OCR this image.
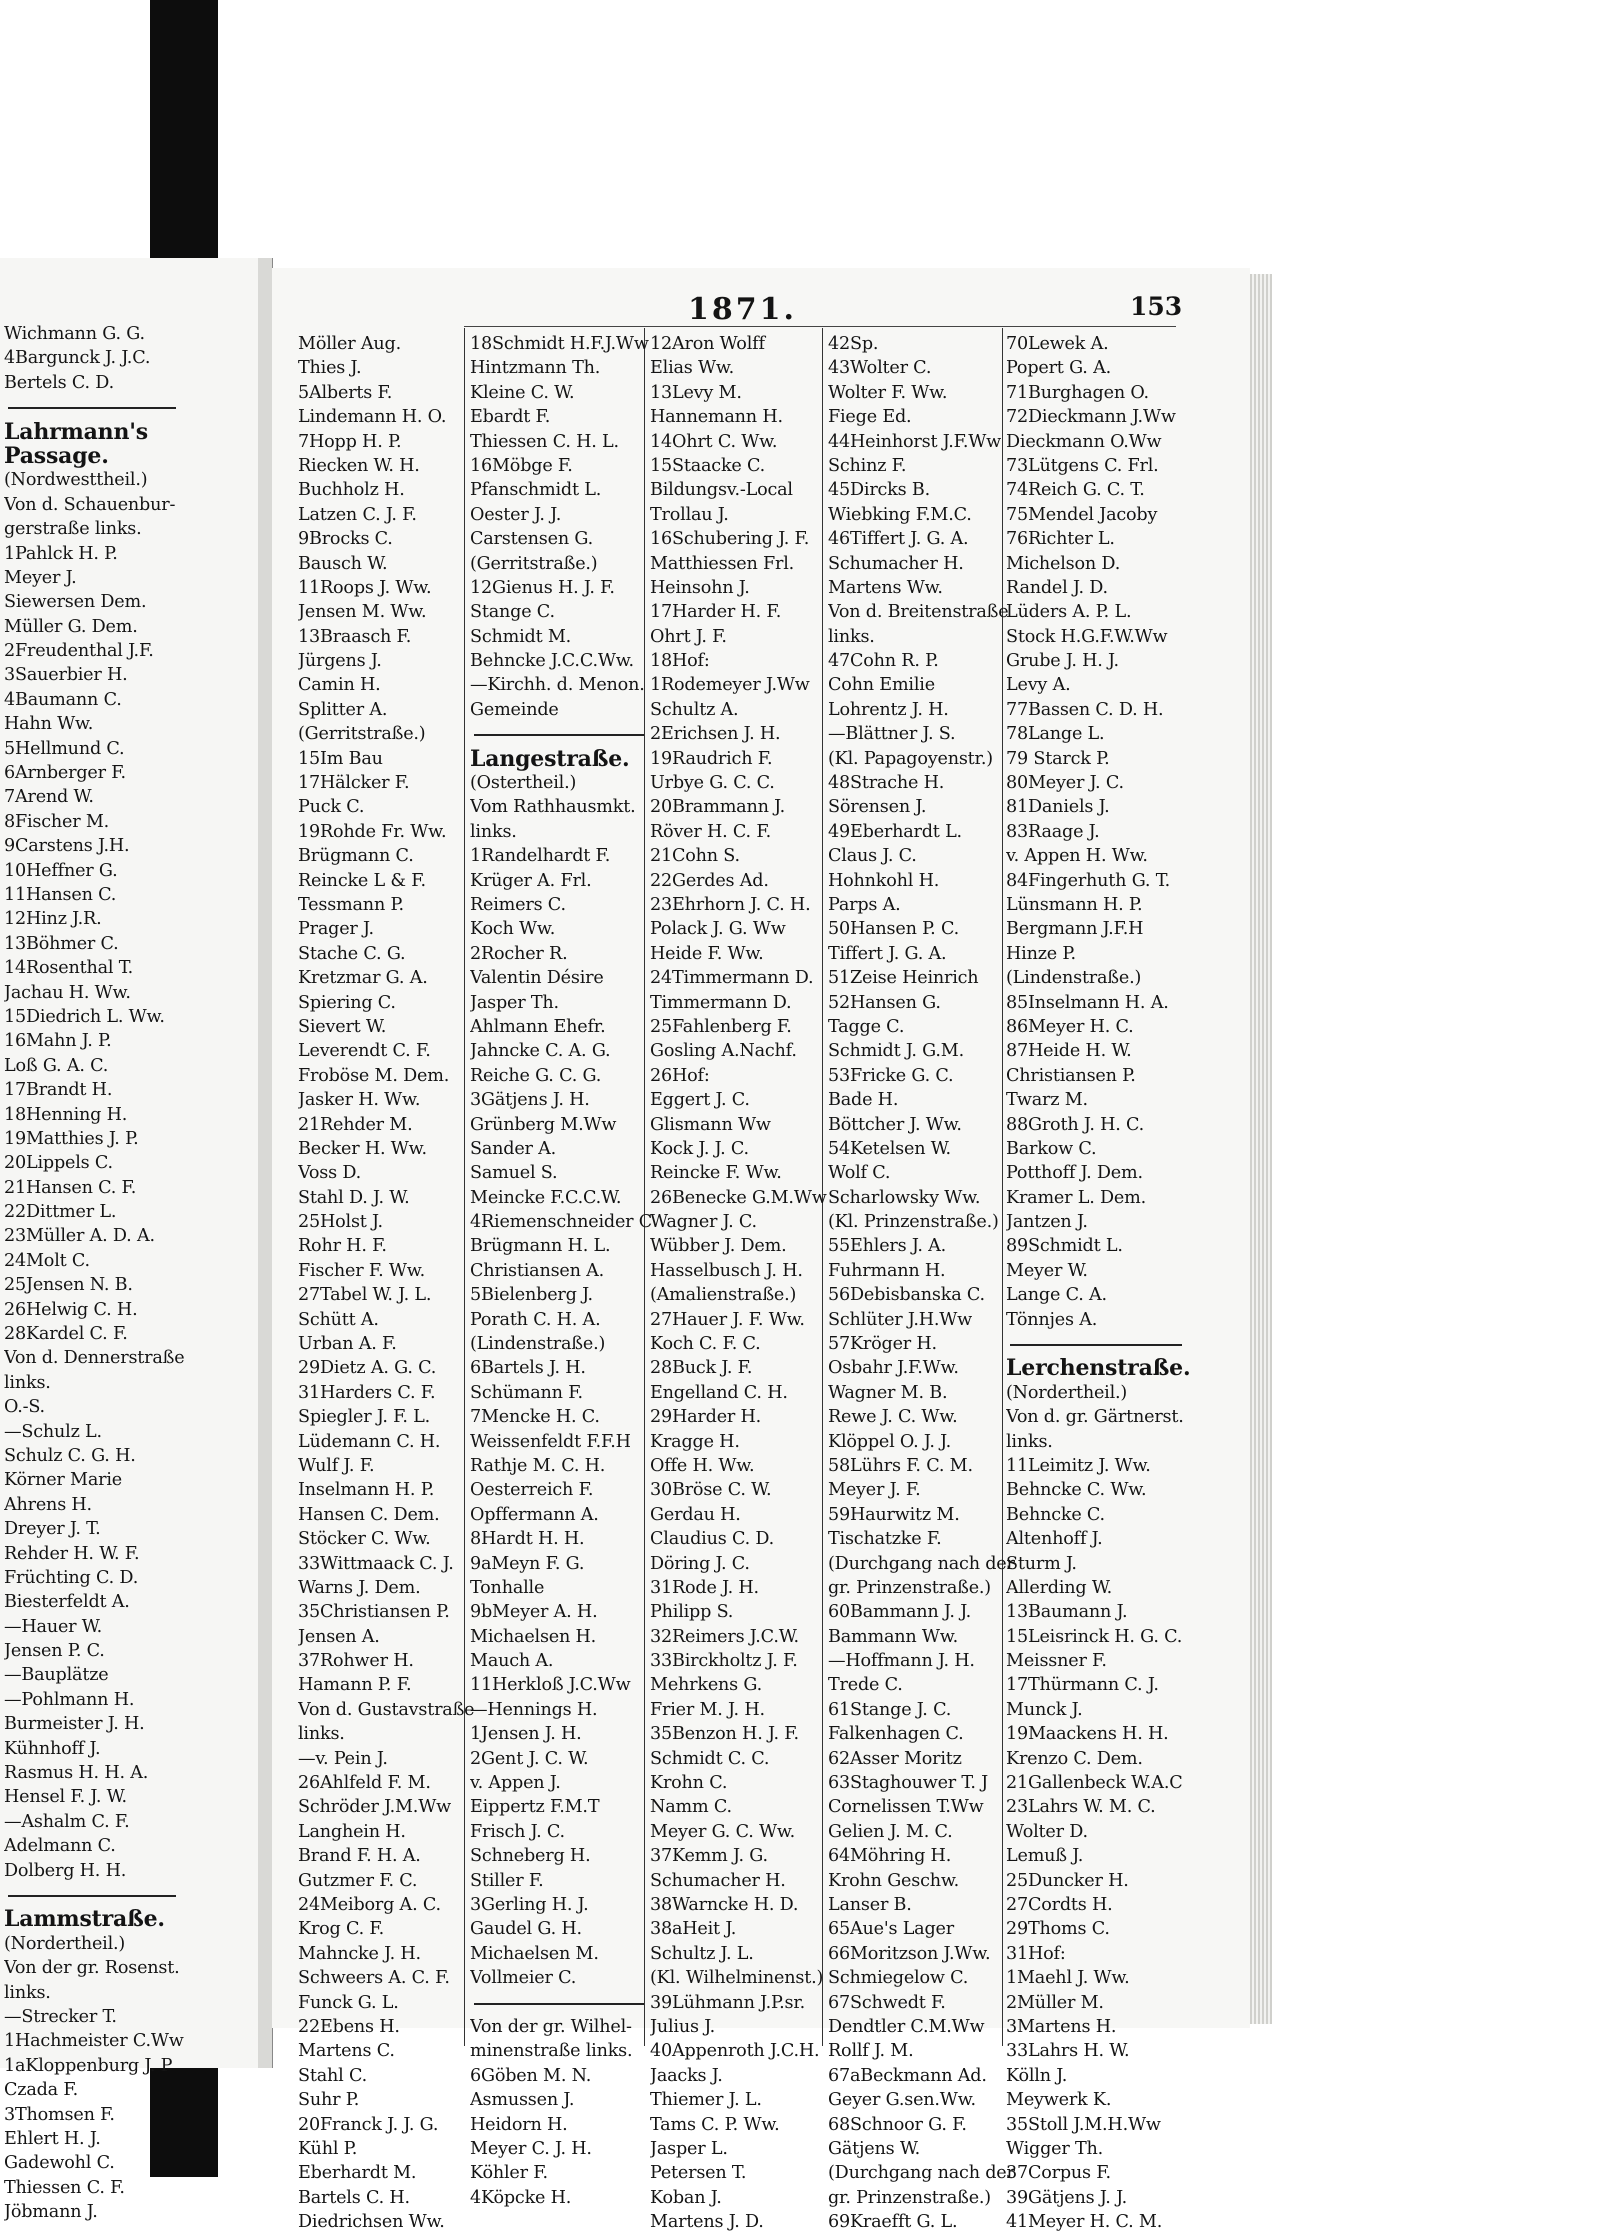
Wichmann G. G.
4Bargunck J. J.C.
Bertels C. D.
Lahrmann's
Passage.
(Nordwesttheil.)
Von d. Schauenbur-
gerstraße links.
1Pahlck H. P.
Meyer J.
Siewersen Dem.
Müller G. Dem.
2Freudenthal J.F.
3Sauerbier H.
4Baumann C.
Hahn Ww.
5Hellmund C.
6Arnberger F.
7Arend W.
8Fischer M.
9Carstens J.H.
10Heffner G.
11Hansen C.
12Hinz J.R.
13Böhmer C.
14Rosenthal T.
Jachau H. Ww.
15Diedrich L. Ww.
16Mahn J. P.
Loß G. A. C.
17Brandt H.
18Henning H.
19Matthies J. P.
20Lippels C.
21Hansen C. F.
22Dittmer L.
23Müller A. D. A.
24Molt C.
25Jensen N. B.
26Helwig C. H.
28Kardel C. F.
Von d. Dennerstraße
links.
O.-S.
—Schulz L.
Schulz C. G. H.
Körner Marie
Ahrens H.
Dreyer J. T.
Rehder H. W. F.
Früchting C. D.
Biesterfeldt A.
—Hauer W.
Jensen P. C.
—Bauplätze
—Pohlmann H.
Burmeister J. H.
Kühnhoff J.
Rasmus H. H. A.
Hensel F. J. W.
—Ashalm C. F.
Adelmann C.
Dolberg H. H.
Lammstraße.
(Nordertheil.)
Von der gr. Rosenst.
links.
—Strecker T.
1Hachmeister C.Ww
1aKloppenburg J. P
Czada F.
3Thomsen F.
Ehlert H. J.
Gadewohl C.
Thiessen C. F.
Jöbmann J.
1871.	153
Möller Aug.
Thies J.
5Alberts F.
Lindemann H. O.
7Hopp H. P.
Riecken W. H.
Buchholz H.
Latzen C. J. F.
9Brocks C.
Bausch W.
11Roops J. Ww.
Jensen M. Ww.
13Braasch F.
Jürgens J.
Camin H.
Splitter A.
(Gerritstraße.)
15Im Bau
17Hälcker F.
Puck C.
19Rohde Fr. Ww.
Brügmann C.
Reincke L & F.
Tessmann P.
Prager J.
Stache C. G.
Kretzmar G. A.
Spiering C.
Sievert W.
Leverendt C. F.
Froböse M. Dem.
Jasker H. Ww.
21Rehder M.
Becker H. Ww.
Voss D.
Stahl D. J. W.
25Holst J.
Rohr H. F.
Fischer F. Ww.
27Tabel W. J. L.
Schütt A.
Urban A. F.
29Dietz A. G. C.
31Harders C. F.
Spiegler J. F. L.
Lüdemann C. H.
Wulf J. F.
Inselmann H. P.
Hansen C. Dem.
Stöcker C. Ww.
33Wittmaack C. J.
Warns J. Dem.
35Christiansen P.
Jensen A.
37Rohwer H.
Hamann P. F.
Von d. Gustavstraße
links.
—v. Pein J.
26Ahlfeld F. M.
Schröder J.M.Ww
Langhein H.
Brand F. H. A.
Gutzmer F. C.
24Meiborg A. C.
Krog C. F.
Mahncke J. H.
Schweers A. C. F.
Funck G. L.
22Ebens H.
Martens C.
Stahl C.
Suhr P.
20Franck J. J. G.
Kühl P.
Eberhardt M.
Bartels C. H.
Diedrichsen Ww.
18Schmidt H.F.J.Ww
Hintzmann Th.
Kleine C. W.
Ebardt F.
Thiessen C. H. L.
16Möbge F.
Pfanschmidt L.
Oester J. J.
Carstensen G.
(Gerritstraße.)
12Gienus H. J. F.
Stange C.
Schmidt M.
Behncke J.C.C.Ww.
—Kirchh. d. Menon.
Gemeinde
Langestraße.
(Ostertheil.)
Vom Rathhausmkt.
links.
1Randelhardt F.
Krüger A. Frl.
Reimers C.
Koch Ww.
2Rocher R.
Valentin Désire
Jasper Th.
Ahlmann Ehefr.
Jahncke C. A. G.
Reiche G. C. G.
3Gätjens J. H.
Grünberg M.Ww
Sander A.
Samuel S.
Meincke F.C.C.W.
4Riemenschneider C
Brügmann H. L.
Christiansen A.
5Bielenberg J.
Porath C. H. A.
(Lindenstraße.)
6Bartels J. H.
Schümann F.
7Mencke H. C.
Weissenfeldt F.F.H
Rathje M. C. H.
Oesterreich F.
Opffermann A.
8Hardt H. H.
9aMeyn F. G.
Tonhalle
9bMeyer A. H.
Michaelsen H.
Mauch A.
11Herkloß J.C.Ww
—Hennings H.
1Jensen J. H.
2Gent J. C. W.
v. Appen J.
Eippertz F.M.T
Frisch J. C.
Schneberg H.
Stiller F.
3Gerling H. J.
Gaudel G. H.
Michaelsen M.
Vollmeier C.
Von der gr. Wilhel-
minenstraße links.
6Göben M. N.
Asmussen J.
Heidorn H.
Meyer C. J. H.
Köhler F.
4Köpcke H.
12Aron Wolff
Elias Ww.
13Levy M.
Hannemann H.
14Ohrt C. Ww.
15Staacke C.
Bildungsv.-Local
Trollau J.
16Schubering J. F.
Matthiessen Frl.
Heinsohn J.
17Harder H. F.
Ohrt J. F.
18Hof:
1Rodemeyer J.Ww
Schultz A.
2Erichsen J. H.
19Raudrich F.
Urbye G. C. C.
20Brammann J.
Röver H. C. F.
21Cohn S.
22Gerdes Ad.
23Ehrhorn J. C. H.
Polack J. G. Ww
Heide F. Ww.
24Timmermann D.
Timmermann D.
25Fahlenberg F.
Gosling A.Nachf.
26Hof:
Eggert J. C.
Glismann Ww
Kock J. J. C.
Reincke F. Ww.
26Benecke G.M.Ww
Wagner J. C.
Wübber J. Dem.
Hasselbusch J. H.
(Amalienstraße.)
27Hauer J. F. Ww.
Koch C. F. C.
28Buck J. F.
Engelland C. H.
29Harder H.
Kragge H.
Offe H. Ww.
30Bröse C. W.
Gerdau H.
Claudius C. D.
Döring J. C.
31Rode J. H.
Philipp S.
32Reimers J.C.W.
33Birckholtz J. F.
Mehrkens G.
Frier M. J. H.
35Benzon H. J. F.
Schmidt C. C.
Krohn C.
Namm C.
Meyer G. C. Ww.
37Kemm J. G.
Schumacher H.
38Warncke H. D.
38aHeit J.
Schultz J. L.
(Kl. Wilhelminenst.)
39Lühmann J.P.sr.
Julius J.
40Appenroth J.C.H.
Jaacks J.
Thiemer J. L.
Tams C. P. Ww.
Jasper L.
Petersen T.
Koban J.
Martens J. D.
42Sp.
43Wolter C.
Wolter F. Ww.
Fiege Ed.
44Heinhorst J.F.Ww
Schinz F.
45Dircks B.
Wiebking F.M.C.
46Tiffert J. G. A.
Schumacher H.
Martens Ww.
Von d. Breitenstraße
links.
47Cohn R. P.
Cohn Emilie
Lohrentz J. H.
—Blättner J. S.
(Kl. Papagoyenstr.)
48Strache H.
Sörensen J.
49Eberhardt L.
Claus J. C.
Hohnkohl H.
Parps A.
50Hansen P. C.
Tiffert J. G. A.
51Zeise Heinrich
52Hansen G.
Tagge C.
Schmidt J. G.M.
53Fricke G. C.
Bade H.
Böttcher J. Ww.
54Ketelsen W.
Wolf C.
Scharlowsky Ww.
(Kl. Prinzenstraße.)
55Ehlers J. A.
Fuhrmann H.
56Debisbanska C.
Schlüter J.H.Ww
57Kröger H.
Osbahr J.F.Ww.
Wagner M. B.
Rewe J. C. Ww.
Klöppel O. J. J.
58Lührs F. C. M.
Meyer J. F.
59Haurwitz M.
Tischatzke F.
(Durchgang nach der
gr. Prinzenstraße.)
60Bammann J. J.
Bammann Ww.
—Hoffmann J. H.
Trede C.
61Stange J. C.
Falkenhagen C.
62Asser Moritz
63Staghouwer T. J
Cornelissen T.Ww
Gelien J. M. C.
64Möhring H.
Krohn Geschw.
Lanser B.
65Aue's Lager
66Moritzson J.Ww.
Schmiegelow C.
67Schwedt F.
Dendtler C.M.Ww
Rollf J. M.
67aBeckmann Ad.
Geyer G.sen.Ww.
68Schnoor G. F.
Gätjens W.
(Durchgang nach der
gr. Prinzenstraße.)
69Kraefft G. L.
70Lewek A.
Popert G. A.
71Burghagen O.
72Dieckmann J.Ww
Dieckmann O.Ww
73Lütgens C. Frl.
74Reich G. C. T.
75Mendel Jacoby
76Richter L.
Michelson D.
Randel J. D.
Lüders A. P. L.
Stock H.G.F.W.Ww
Grube J. H. J.
Levy A.
77Bassen C. D. H.
78Lange L.
79 Starck P.
80Meyer J. C.
81Daniels J.
83Raage J.
v. Appen H. Ww.
84Fingerhuth G. T.
Lünsmann H. P.
Bergmann J.F.H
Hinze P.
(Lindenstraße.)
85Inselmann H. A.
86Meyer H. C.
87Heide H. W.
Christiansen P.
Twarz M.
88Groth J. H. C.
Barkow C.
Potthoff J. Dem.
Kramer L. Dem.
Jantzen J.
89Schmidt L.
Meyer W.
Lange C. A.
Tönnjes A.
Lerchenstraße.
(Nordertheil.)
Von d. gr. Gärtnerst.
links.
11Leimitz J. Ww.
Behncke C. Ww.
Behncke C.
Altenhoff J.
Sturm J.
Allerding W.
13Baumann J.
15Leisrinck H. G. C.
Meissner F.
17Thürmann C. J.
Munck J.
19Maackens H. H.
Krenzo C. Dem.
21Gallenbeck W.A.C
23Lahrs W. M. C.
Wolter D.
Lemuß J.
25Duncker H.
27Cordts H.
29Thoms C.
31Hof:
1Maehl J. Ww.
2Müller M.
3Martens H.
33Lahrs H. W.
Kölln J.
Meywerk K.
35Stoll J.M.H.Ww
Wigger Th.
37Corpus F.
39Gätjens J. J.
41Meyer H. C. M.
